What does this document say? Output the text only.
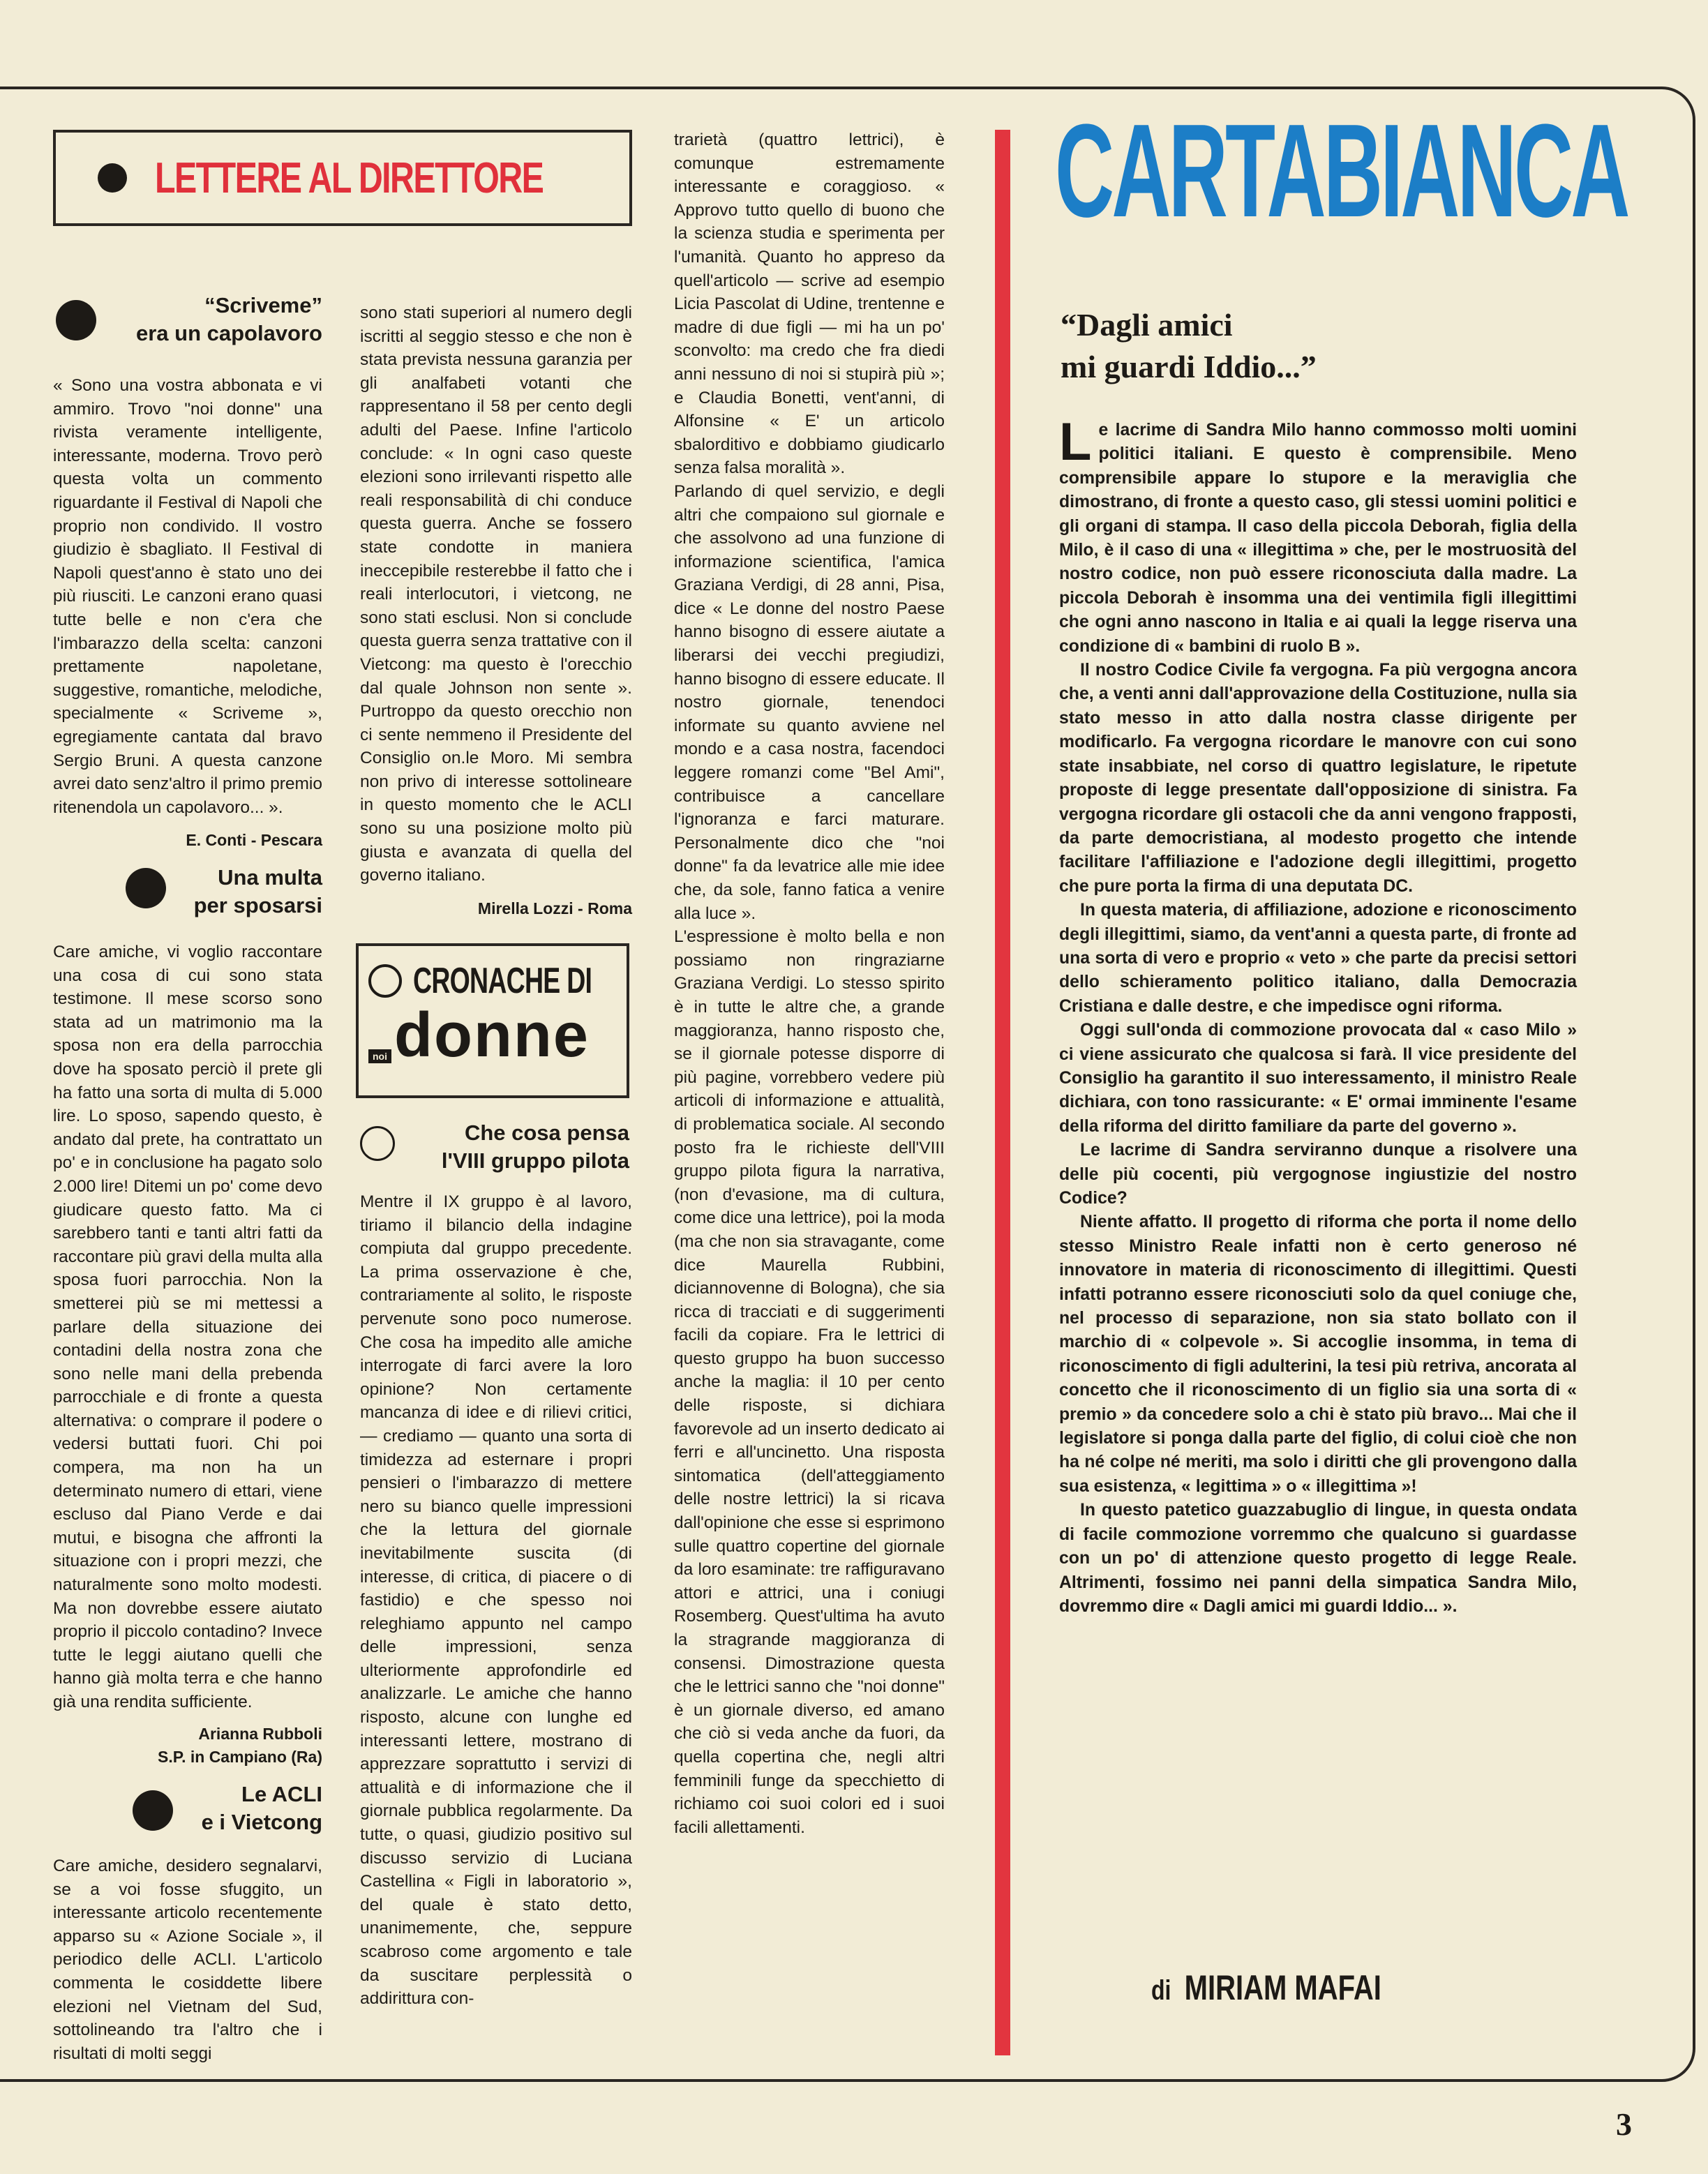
LETTERE AL DIRETTORE
“Scriveme”
era un capolavoro

« Sono una vostra abbonata e vi ammiro. Trovo "noi donne" una rivista veramente intelligente, interessante, moderna. Trovo però questa volta un commento riguardante il Festival di Napoli che proprio non condivido. Il vostro giudizio è sbagliato. Il Festival di Napoli quest'anno è stato uno dei più riusciti. Le canzoni erano quasi tutte belle e non c'era che l'imbarazzo della scelta: canzoni prettamente napoletane, suggestive, romantiche, melodiche, specialmente « Scriveme », egregiamente cantata dal bravo Sergio Bruni. A questa canzone avrei dato senz'altro il primo premio ritenendola un capolavoro... ».

E. Conti - Pescara

Una multa
per sposarsi

Care amiche, vi voglio raccontare una cosa di cui sono stata testimone. Il mese scorso sono stata ad un matrimonio ma la sposa non era della parrocchia dove ha sposato perciò il prete gli ha fatto una sorta di multa di 5.000 lire. Lo sposo, sapendo questo, è andato dal prete, ha contrattato un po' e in conclusione ha pagato solo 2.000 lire! Ditemi un po' come devo giudicare questo fatto. Ma ci sarebbero tanti e tanti altri fatti da raccontare più gravi della multa alla sposa fuori parrocchia. Non la smetterei più se mi mettessi a parlare della situazione dei contadini della nostra zona che sono nelle mani della prebenda parrocchiale e di fronte a questa alternativa: o comprare il podere o vedersi buttati fuori. Chi poi compera, ma non ha un determinato numero di ettari, viene escluso dal Piano Verde e dai mutui, e bisogna che affronti la situazione con i propri mezzi, che naturalmente sono molto modesti. Ma non dovrebbe essere aiutato proprio il piccolo contadino? Invece tutte le leggi aiutano quelli che hanno già molta terra e che hanno già una rendita sufficiente.

Arianna Rubboli

S.P. in Campiano (Ra)

Le ACLI
e i Vietcong

Care amiche, desidero segnalarvi, se a voi fosse sfuggito, un interessante articolo recentemente apparso su « Azione Sociale », il periodico delle ACLI. L'articolo commenta le cosiddette libere elezioni nel Vietnam del Sud, sottolineando tra l'altro che i risultati di molti seggi

sono stati superiori al numero degli iscritti al seggio stesso e che non è stata prevista nessuna garanzia per gli analfabeti votanti che rappresentano il 58 per cento degli adulti del Paese. Infine l'articolo conclude: « In ogni caso queste elezioni sono irrilevanti rispetto alle reali responsabilità di chi conduce questa guerra. Anche se fossero state condotte in maniera ineccepibile resterebbe il fatto che i reali interlocutori, i vietcong, ne sono stati esclusi. Non si conclude questa guerra senza trattative con il Vietcong: ma questo è l'orecchio dal quale Johnson non sente ». Purtroppo da questo orecchio non ci sente nemmeno il Presidente del Consiglio on.le Moro. Mi sembra non privo di interesse sottolineare in questo momento che le ACLI sono su una posizione molto più giusta e avanzata di quella del governo italiano.

Mirella Lozzi - Roma

CRONACHE DI
noi donne
Che cosa pensa
l'VIII gruppo pilota

Mentre il IX gruppo è al lavoro, tiriamo il bilancio della indagine compiuta dal gruppo precedente. La prima osservazione è che, contrariamente al solito, le risposte pervenute sono poco numerose. Che cosa ha impedito alle amiche interrogate di farci avere la loro opinione? Non certamente mancanza di idee e di rilievi critici, — crediamo — quanto una sorta di timidezza ad esternare i propri pensieri o l'imbarazzo di mettere nero su bianco quelle impressioni che la lettura del giornale inevitabilmente suscita (di interesse, di critica, di piacere o di fastidio) e che spesso noi releghiamo appunto nel campo delle impressioni, senza ulteriormente approfondirle ed analizzarle. Le amiche che hanno risposto, alcune con lunghe ed interessanti lettere, mostrano di apprezzare soprattutto i servizi di attualità e di informazione che il giornale pubblica regolarmente. Da tutte, o quasi, giudizio positivo sul discusso servizio di Luciana Castellina « Figli in laboratorio », del quale è stato detto, unanimemente, che, seppure scabroso come argomento e tale da suscitare perplessità o addirittura con-

trarietà (quattro lettrici), è comunque estremamente interessante e coraggioso. « Approvo tutto quello di buono che la scienza studia e sperimenta per l'umanità. Quanto ho appreso da quell'articolo — scrive ad esempio Licia Pascolat di Udine, trentenne e madre di due figli — mi ha un po' sconvolto: ma credo che fra diedi anni nessuno di noi si stupirà più »; e Claudia Bonetti, vent'anni, di Alfonsine « E' un articolo sbalorditivo e dobbiamo giudicarlo senza falsa moralità ».

Parlando di quel servizio, e degli altri che compaiono sul giornale e che assolvono ad una funzione di informazione scientifica, l'amica Graziana Verdigi, di 28 anni, Pisa, dice « Le donne del nostro Paese hanno bisogno di essere aiutate a liberarsi dei vecchi pregiudizi, hanno bisogno di essere educate. Il nostro giornale, tenendoci informate su quanto avviene nel mondo e a casa nostra, facendoci leggere romanzi come "Bel Ami", contribuisce a cancellare l'ignoranza e farci maturare. Personalmente dico che "noi donne" fa da levatrice alle mie idee che, da sole, fanno fatica a venire alla luce ».

L'espressione è molto bella e non possiamo non ringraziarne Graziana Verdigi. Lo stesso spirito è in tutte le altre che, a grande maggioranza, hanno risposto che, se il giornale potesse disporre di più pagine, vorrebbero vedere più articoli di informazione e attualità, di problematica sociale. Al secondo posto fra le richieste dell'VIII gruppo pilota figura la narrativa, (non d'evasione, ma di cultura, come dice una lettrice), poi la moda (ma che non sia stravagante, come dice Maurella Rubbini, diciannovenne di Bologna), che sia ricca di tracciati e di suggerimenti facili da copiare. Fra le lettrici di questo gruppo ha buon successo anche la maglia: il 10 per cento delle risposte, si dichiara favorevole ad un inserto dedicato ai ferri e all'uncinetto. Una risposta sintomatica (dell'atteggiamento delle nostre lettrici) la si ricava dall'opinione che esse si esprimono sulle quattro copertine del giornale da loro esaminate: tre raffiguravano attori e attrici, una i coniugi Rosemberg. Quest'ultima ha avuto la stragrande maggioranza di consensi. Dimostrazione questa che le lettrici sanno che "noi donne" è un giornale diverso, ed amano che ciò si veda anche da fuori, da quella copertina che, negli altri femminili funge da specchietto di richiamo coi suoi colori ed i suoi facili allettamenti.

CARTABIANCA
“Dagli amici
mi guardi Iddio...”

Le lacrime di Sandra Milo hanno commosso molti uomini politici italiani. E questo è comprensibile. Meno comprensibile appare lo stupore e la meraviglia che dimostrano, di fronte a questo caso, gli stessi uomini politici e gli organi di stampa. Il caso della piccola Deborah, figlia della Milo, è il caso di una « illegittima » che, per le mostruosità del nostro codice, non può essere riconosciuta dalla madre. La piccola Deborah è insomma una dei ventimila figli illegittimi che ogni anno nascono in Italia e ai quali la legge riserva una condizione di « bambini di ruolo B ».

Il nostro Codice Civile fa vergogna. Fa più vergogna ancora che, a venti anni dall'approvazione della Costituzione, nulla sia stato messo in atto dalla nostra classe dirigente per modificarlo. Fa vergogna ricordare le manovre con cui sono state insabbiate, nel corso di quattro legislature, le ripetute proposte di legge presentate dall'opposizione di sinistra. Fa vergogna ricordare gli ostacoli che da anni vengono frapposti, da parte democristiana, al modesto progetto che intende facilitare l'affiliazione e l'adozione degli illegittimi, progetto che pure porta la firma di una deputata DC.

In questa materia, di affiliazione, adozione e riconoscimento degli illegittimi, siamo, da vent'anni a questa parte, di fronte ad una sorta di vero e proprio « veto » che parte da precisi settori dello schieramento politico italiano, dalla Democrazia Cristiana e dalle destre, e che impedisce ogni riforma.

Oggi sull'onda di commozione provocata dal « caso Milo » ci viene assicurato che qualcosa si farà. Il vice presidente del Consiglio ha garantito il suo interessamento, il ministro Reale dichiara, con tono rassicurante: « E' ormai imminente l'esame della riforma del diritto familiare da parte del governo ».

Le lacrime di Sandra serviranno dunque a risolvere una delle più cocenti, più vergognose ingiustizie del nostro Codice?

Niente affatto. Il progetto di riforma che porta il nome dello stesso Ministro Reale infatti non è certo generoso né innovatore in materia di riconoscimento di illegittimi. Questi infatti potranno essere riconosciuti solo da quel coniuge che, nel processo di separazione, non sia stato bollato con il marchio di « colpevole ». Si accoglie insomma, in tema di riconoscimento di figli adulterini, la tesi più retriva, ancorata al concetto che il riconoscimento di un figlio sia una sorta di « premio » da concedere solo a chi è stato più bravo... Mai che il legislatore si ponga dalla parte del figlio, di colui cioè che non ha né colpe né meriti, ma solo i diritti che gli provengono dalla sua esistenza, « legittima » o « illegittima »!

In questo patetico guazzabuglio di lingue, in questa ondata di facile commozione vorremmo che qualcuno si guardasse con un po' di attenzione questo progetto di legge Reale. Altrimenti, fossimo nei panni della simpatica Sandra Milo, dovremmo dire « Dagli amici mi guardi Iddio... ».

di MIRIAM MAFAI
3
